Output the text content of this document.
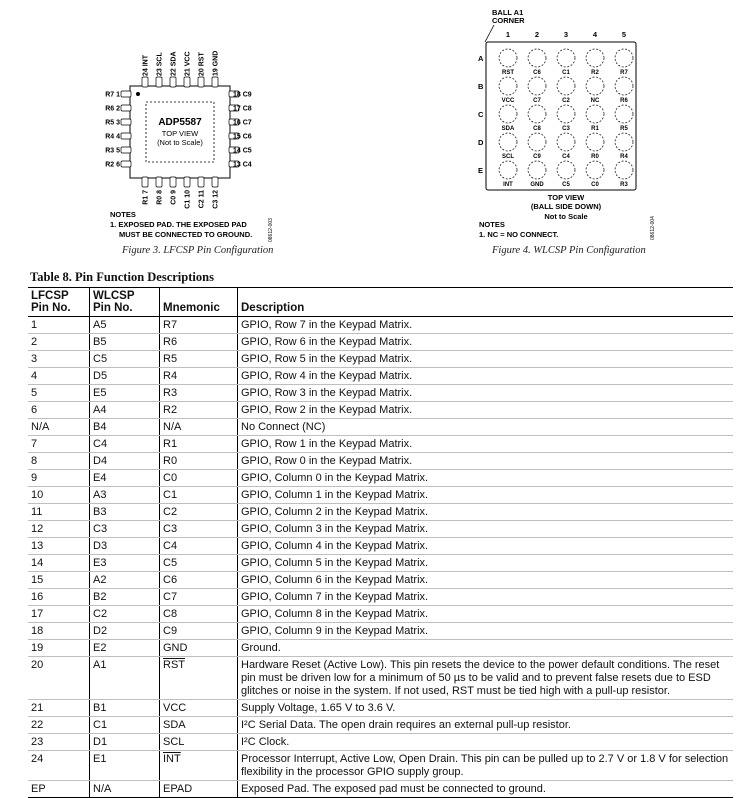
R7 1	18 C9
24 INT
R1 7
R6 2	17 C8
23 SCL
R0 8
R5 3	16 C7
22 SDA
C0 9
R4 4	15 C6
21 VCC
C1 10
R3 5	14 C5
20 RST
C2 11
R2 6	13 C4
19 GND
C3 12
ADP5587
TOP VIEW
(Not to Scale)
NOTES
1. EXPOSED PAD. THE EXPOSED PAD
MUST BE CONNECTED TO GROUND.	08612-003
Figure 3. LFCSP Pin Configuration
BALL A1
CORNER
1	2	3	4	5
A
B
C
D
E
RST	C6	C1	R2	R7
VCC	C7	C2	NC	R6
SDA	C8	C3	R1	R5
SCL	C9	C4	R0	R4
INT	GND	C5	C0	R3
TOP VIEW
(BALL SIDE DOWN)
Not to Scale
NOTES
1. NC = NO CONNECT.	08612-004
Figure 4. WLCSP Pin Configuration
Table 8. Pin Function Descriptions
LFCSP
Pin No.	WLCSP
Pin No.	Mnemonic	Description
1	A5	R7	GPIO, Row 7 in the Keypad Matrix.
2	B5	R6	GPIO, Row 6 in the Keypad Matrix.
3	C5	R5	GPIO, Row 5 in the Keypad Matrix.
4	D5	R4	GPIO, Row 4 in the Keypad Matrix.
5	E5	R3	GPIO, Row 3 in the Keypad Matrix.
6	A4	R2	GPIO, Row 2 in the Keypad Matrix.
N/A	B4	N/A	No Connect (NC)
7	C4	R1	GPIO, Row 1 in the Keypad Matrix.
8	D4	R0	GPIO, Row 0 in the Keypad Matrix.
9	E4	C0	GPIO, Column 0 in the Keypad Matrix.
10	A3	C1	GPIO, Column 1 in the Keypad Matrix.
11	B3	C2	GPIO, Column 2 in the Keypad Matrix.
12	C3	C3	GPIO, Column 3 in the Keypad Matrix.
13	D3	C4	GPIO, Column 4 in the Keypad Matrix.
14	E3	C5	GPIO, Column 5 in the Keypad Matrix.
15	A2	C6	GPIO, Column 6 in the Keypad Matrix.
16	B2	C7	GPIO, Column 7 in the Keypad Matrix.
17	C2	C8	GPIO, Column 8 in the Keypad Matrix.
18	D2	C9	GPIO, Column 9 in the Keypad Matrix.
19	E2	GND	Ground.
20	A1	$\overline{RST}$	Hardware Reset (Active Low). This pin resets the device to the power default conditions. The reset pin must be driven low for a minimum of 50 µs to be valid and to prevent false resets due to ESD glitches or noise in the system. If not used, RST must be tied high with a pull-up resistor.
21	B1	VCC	Supply Voltage, 1.65 V to 3.6 V.
22	C1	SDA	I²C Serial Data. The open drain requires an external pull-up resistor.
23	D1	SCL	I²C Clock.
24	E1	$\overline{INT}$	Processor Interrupt, Active Low, Open Drain. This pin can be pulled up to 2.7 V or 1.8 V for selection flexibility in the processor GPIO supply group.
EP	N/A	EPAD	Exposed Pad. The exposed pad must be connected to ground.
